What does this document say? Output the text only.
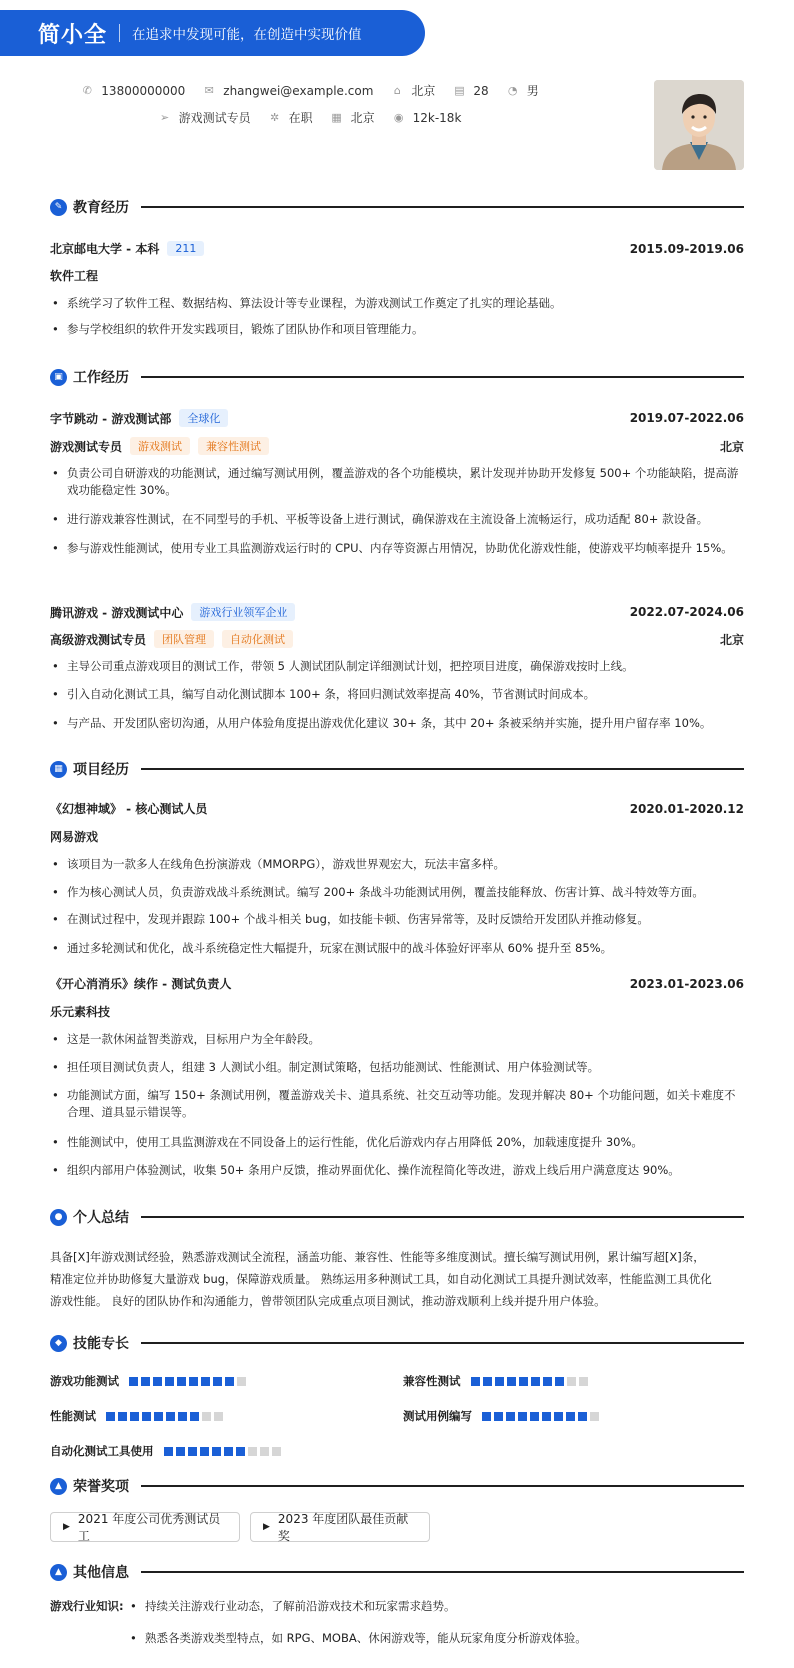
简小全 在追求中发现可能，在创造中实现价值
✆ 13800000000 ✉ zhangwei@example.com ⌂ 北京 ▤ 28 ◔ 男
➢ 游戏测试专员 ✲ 在职 ▦ 北京 ◉ 12k-18k
✎ 教育经历
北京邮电大学 - 本科	211	2015.09-2019.06
软件工程
• 系统学习了软件工程、数据结构、算法设计等专业课程，为游戏测试工作奠定了扎实的理论基础。
• 参与学校组织的软件开发实践项目，锻炼了团队协作和项目管理能力。
▣ 工作经历
字节跳动 - 游戏测试部	全球化	2019.07-2022.06
游戏测试专员	游戏测试	兼容性测试	北京
• 负责公司自研游戏的功能测试，通过编写测试用例，覆盖游戏的各个功能模块，累计发现并协助开发修复 500+ 个功能缺陷，提高游戏功能稳定性 30%。
• 进行游戏兼容性测试，在不同型号的手机、平板等设备上进行测试，确保游戏在主流设备上流畅运行，成功适配 80+ 款设备。
• 参与游戏性能测试，使用专业工具监测游戏运行时的 CPU、内存等资源占用情况，协助优化游戏性能，使游戏平均帧率提升 15%。
腾讯游戏 - 游戏测试中心	游戏行业领军企业	2022.07-2024.06
高级游戏测试专员	团队管理	自动化测试	北京
• 主导公司重点游戏项目的测试工作，带领 5 人测试团队制定详细测试计划，把控项目进度，确保游戏按时上线。
• 引入自动化测试工具，编写自动化测试脚本 100+ 条，将回归测试效率提高 40%，节省测试时间成本。
• 与产品、开发团队密切沟通，从用户体验角度提出游戏优化建议 30+ 条，其中 20+ 条被采纳并实施，提升用户留存率 10%。
▦ 项目经历
《幻想神域》 - 核心测试人员	2020.01-2020.12
网易游戏
• 该项目为一款多人在线角色扮演游戏（MMORPG），游戏世界观宏大，玩法丰富多样。
• 作为核心测试人员，负责游戏战斗系统测试。编写 200+ 条战斗功能测试用例，覆盖技能释放、伤害计算、战斗特效等方面。
• 在测试过程中，发现并跟踪 100+ 个战斗相关 bug，如技能卡顿、伤害异常等，及时反馈给开发团队并推动修复。
• 通过多轮测试和优化，战斗系统稳定性大幅提升，玩家在测试服中的战斗体验好评率从 60% 提升至 85%。
《开心消消乐》续作 - 测试负责人	2023.01-2023.06
乐元素科技
• 这是一款休闲益智类游戏，目标用户为全年龄段。
• 担任项目测试负责人，组建 3 人测试小组。制定测试策略，包括功能测试、性能测试、用户体验测试等。
• 功能测试方面，编写 150+ 条测试用例，覆盖游戏关卡、道具系统、社交互动等功能。发现并解决 80+ 个功能问题，如关卡难度不合理、道具显示错误等。
• 性能测试中，使用工具监测游戏在不同设备上的运行性能，优化后游戏内存占用降低 20%，加载速度提升 30%。
• 组织内部用户体验测试，收集 50+ 条用户反馈，推动界面优化、操作流程简化等改进，游戏上线后用户满意度达 90%。
● 个人总结
具备[X]年游戏测试经验，熟悉游戏测试全流程，涵盖功能、兼容性、性能等多维度测试。擅长编写测试用例，累计编写超[X]条，
精准定位并协助修复大量游戏 bug，保障游戏质量。 熟练运用多种测试工具，如自动化测试工具提升测试效率，性能监测工具优化
游戏性能。 良好的团队协作和沟通能力，曾带领团队完成重点项目测试，推动游戏顺利上线并提升用户体验。
◆ 技能专长
游戏功能测试	兼容性测试
性能测试	测试用例编写
自动化测试工具使用
▲ 荣誉奖项
▶
2021 年度公司优秀测试员工
▶
2023 年度团队最佳贡献奖
▲ 其他信息
游戏行业知识:
•	持续关注游戏行业动态，了解前沿游戏技术和玩家需求趋势。
• 熟悉各类游戏类型特点，如 RPG、MOBA、休闲游戏等，能从玩家角度分析游戏体验。
